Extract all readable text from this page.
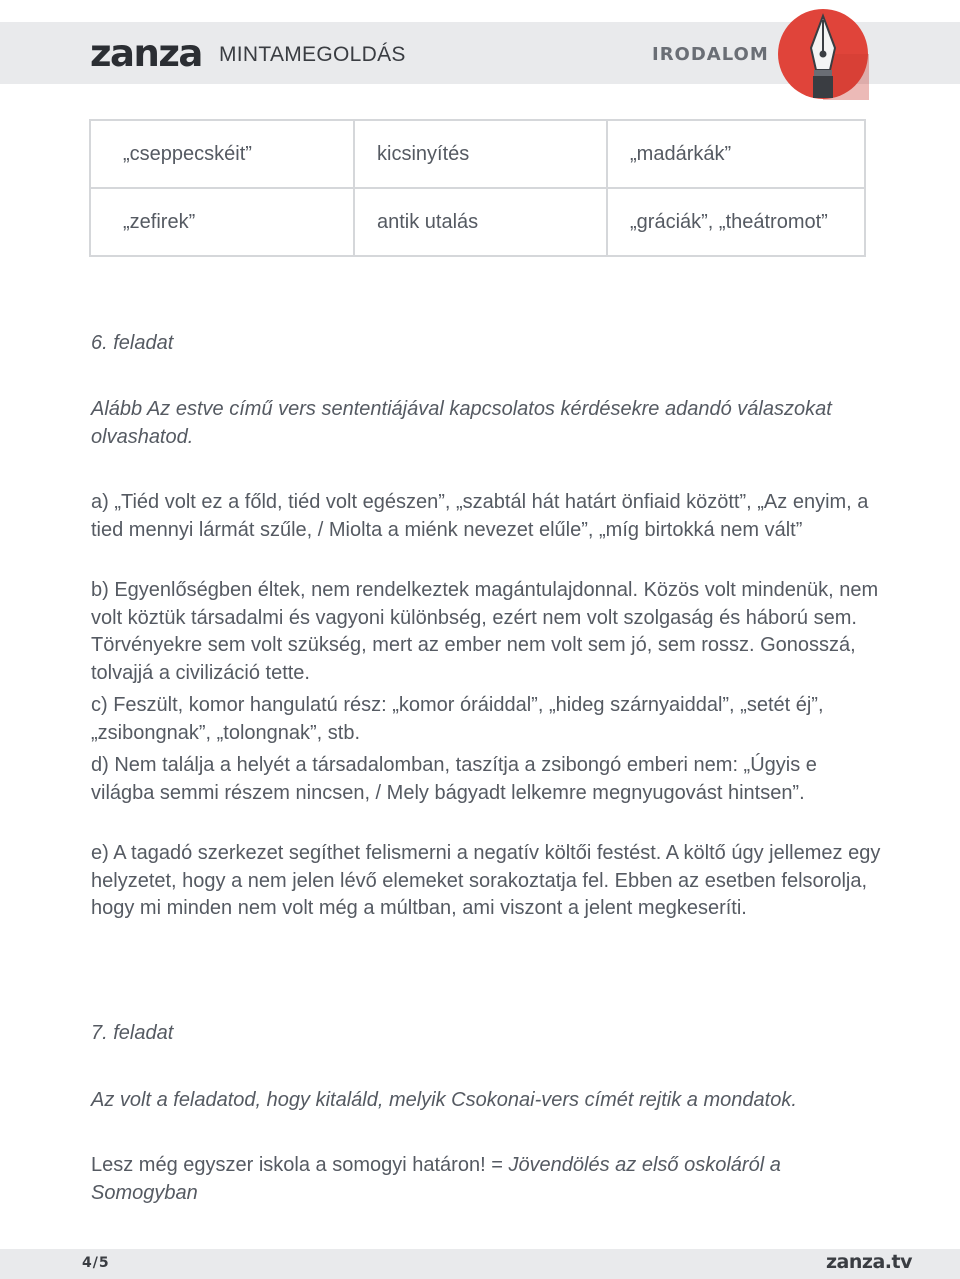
zanza MINTAMEGOLDÁS	IRODALOM
„cseppecskéit”	kicsinyítés	„madárkák”
„zefirek”	antik utalás	„gráciák”, „theátromot”

6. feladat

Alább Az estve című vers sententiájával kapcsolatos kérdésekre adandó válaszokat olvashatod.

a) „Tiéd volt ez a főld, tiéd volt egészen”, „szabtál hát határt önfiaid között”, „Az enyim, a tied mennyi lármát szűle, / Miolta a miénk nevezet elűle”, „míg birtokká nem vált”

b) Egyenlőségben éltek, nem rendelkeztek magántulajdonnal. Közös volt mindenük, nem volt köztük társadalmi és vagyoni különbség, ezért nem volt szolgaság és háború sem. Törvényekre sem volt szükség, mert az ember nem volt sem jó, sem rossz. Gonosszá, tolvajjá a civilizáció tette.

c) Feszült, komor hangulatú rész: „komor óráiddal”, „hideg szárnyaiddal”, „setét éj”, „zsibongnak”, „tolongnak”, stb.

d) Nem találja a helyét a társadalomban, taszítja a zsibongó emberi nem: „Úgyis e világba semmi részem nincsen, / Mely bágyadt lelkemre megnyugovást hintsen”.

e) A tagadó szerkezet segíthet felismerni a negatív költői festést. A költő úgy jellemez egy helyzetet, hogy a nem jelen lévő elemeket sorakoztatja fel. Ebben az esetben felsorolja, hogy mi minden nem volt még a múltban, ami viszont a jelent megkeseríti.

7. feladat

Az volt a feladatod, hogy kitaláld, melyik Csokonai-vers címét rejtik a mondatok.

Lesz még egyszer iskola a somogyi határon! = Jövendölés az első oskoláról a Somogyban

4/5	zanza.tv
